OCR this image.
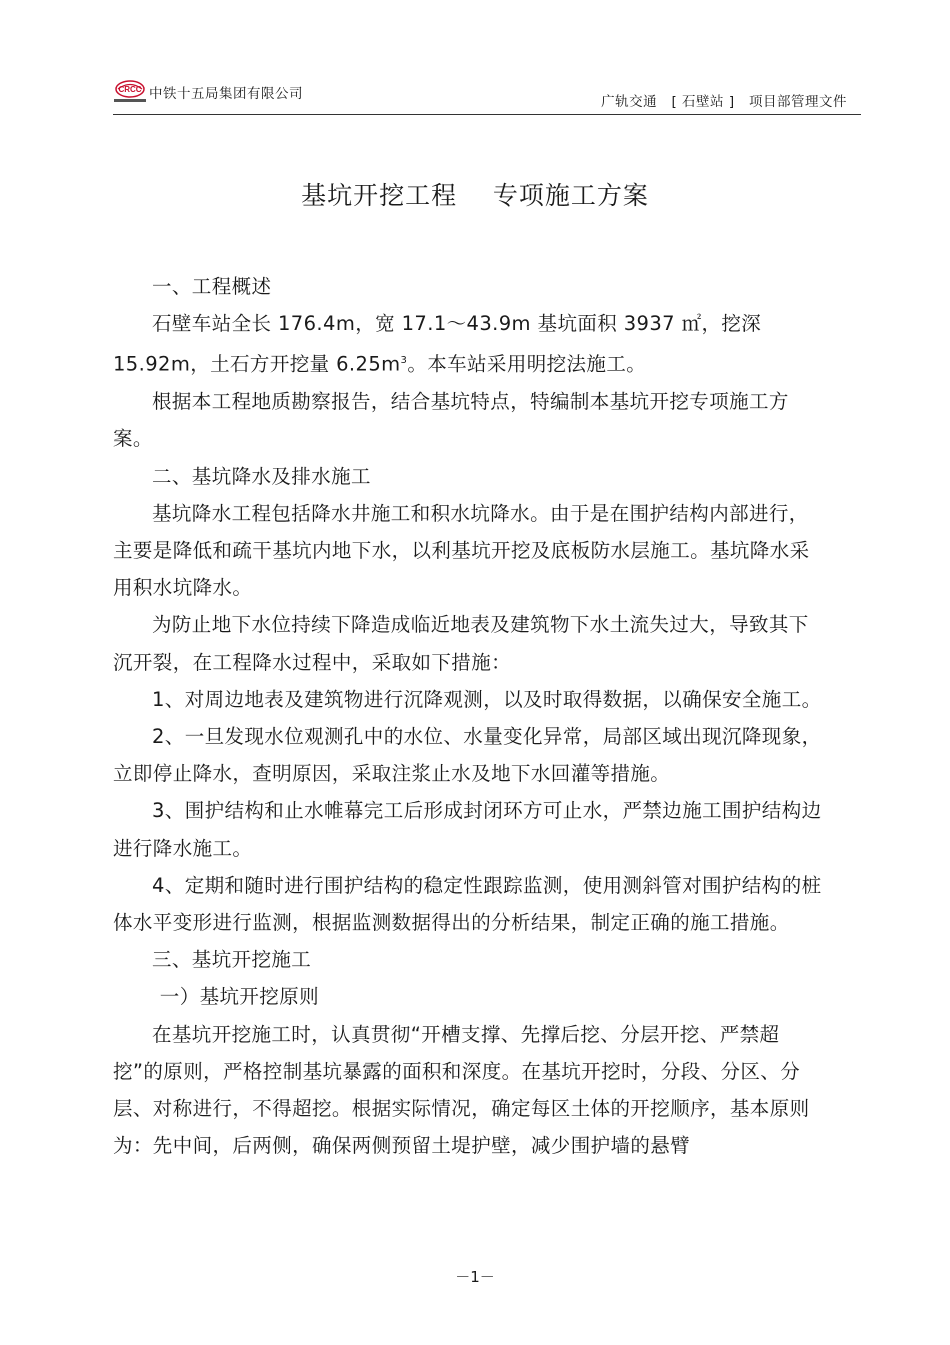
CRCC 中铁十五局集团有限公司	广轨交通   [ 石壁站 ]   项目部管理文件
基坑开挖工程    专项施工方案

一、工程概述

石壁车站全长 176.4m，宽 17.1～43.9m 基坑面积 3937 ㎡，挖深 15.92m，土石方开挖量 $6.25m^3$。本车站采用明挖法施工。

根据本工程地质勘察报告，结合基坑特点，特编制本基坑开挖专项施工方案。

二、基坑降水及排水施工

基坑降水工程包括降水井施工和积水坑降水。由于是在围护结构内部进行，主要是降低和疏干基坑内地下水，以利基坑开挖及底板防水层施工。基坑降水采用积水坑降水。

为防止地下水位持续下降造成临近地表及建筑物下水土流失过大，导致其下沉开裂，在工程降水过程中，采取如下措施：

1、对周边地表及建筑物进行沉降观测，以及时取得数据，以确保安全施工。

2、一旦发现水位观测孔中的水位、水量变化异常，局部区域出现沉降现象，立即停止降水，查明原因，采取注浆止水及地下水回灌等措施。

3、围护结构和止水帷幕完工后形成封闭环方可止水，严禁边施工围护结构边进行降水施工。

4、定期和随时进行围护结构的稳定性跟踪监测，使用测斜管对围护结构的桩体水平变形进行监测，根据监测数据得出的分析结果，制定正确的施工措施。

三、基坑开挖施工

一）基坑开挖原则

在基坑开挖施工时，认真贯彻“开槽支撑、先撑后挖、分层开挖、严禁超挖”的原则，严格控制基坑暴露的面积和深度。在基坑开挖时，分段、分区、分层、对称进行，不得超挖。根据实际情况，确定每区土体的开挖顺序，基本原则为：先中间，后两侧，确保两侧预留土堤护壁，减少围护墙的悬臂

－1－
